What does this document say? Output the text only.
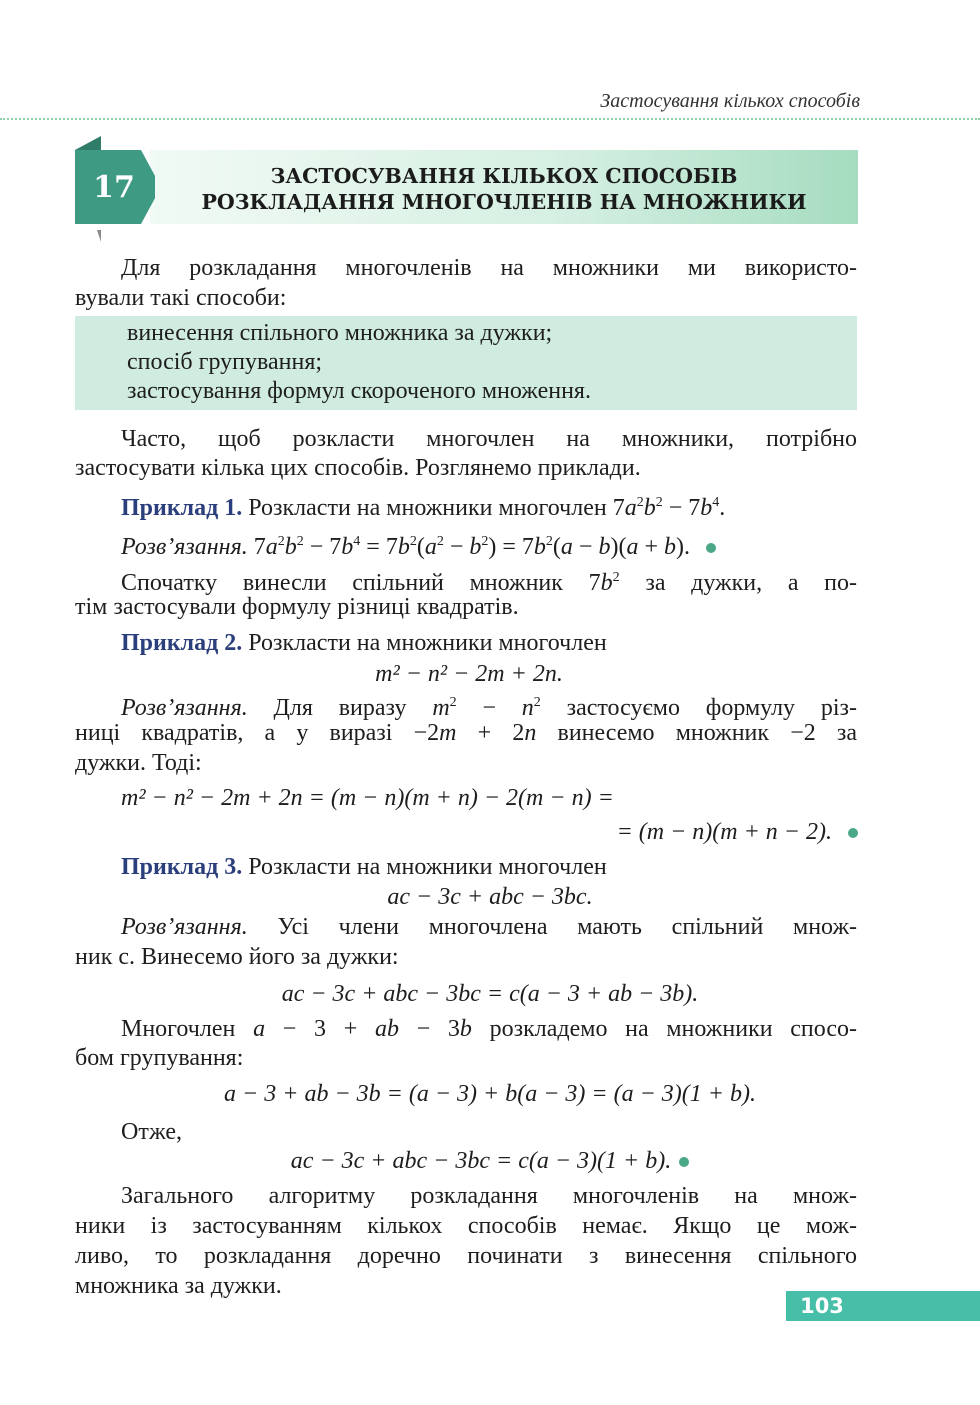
Застосування кількох способів
ЗАСТОСУВАННЯ КІЛЬКОХ СПОСОБІВ
РОЗКЛАДАННЯ МНОГОЧЛЕНІВ НА МНОЖНИКИ
17
Для розкладання многочленів на множники ми використо-
вували такі способи:
винесення спільного множника за дужки;
спосіб групування;
застосування формул скороченого множення.
Часто, щоб розкласти многочлен на множники, потрібно
застосувати кілька цих способів. Розглянемо приклади.
Приклад 1. Розкласти на множники многочлен $7a^2b^2 - 7b^4$.
Розв’язання. $7a^2b^2 - 7b^4 = 7b^2(a^2 - b^2) = 7b^2(a - b)(a + b)$.
Спочатку винесли спільний множник $7b^2$ за дужки, а по-
тім застосували формулу різниці квадратів.
Приклад 2. Розкласти на множники многочлен
m² − n² − 2m + 2n.
Розв’язання. Для виразу $m^2 - n^2$ застосуємо формулу різ-
ниці квадратів, а у виразі −2m + 2n винесемо множник −2 за
дужки. Тоді:
m² − n² − 2m + 2n = (m − n)(m + n) − 2(m − n) =
= (m − n)(m + n − 2).
Приклад 3. Розкласти на множники многочлен
ac − 3c + abc − 3bc.
Розв’язання. Усі члени многочлена мають спільний множ-
ник c. Винесемо його за дужки:
ac − 3c + abc − 3bc = c(a − 3 + ab − 3b).
Многочлен a − 3 + ab − 3b розкладемо на множники спосо-
бом групування:
a − 3 + ab − 3b = (a − 3) + b(a − 3) = (a − 3)(1 + b).
Отже,
ac − 3c + abc − 3bc = c(a − 3)(1 + b).
Загального алгоритму розкладання многочленів на множ-
ники із застосуванням кількох способів немає. Якщо це мож-
ливо, то розкладання доречно починати з винесення спільного
множника за дужки.
103
